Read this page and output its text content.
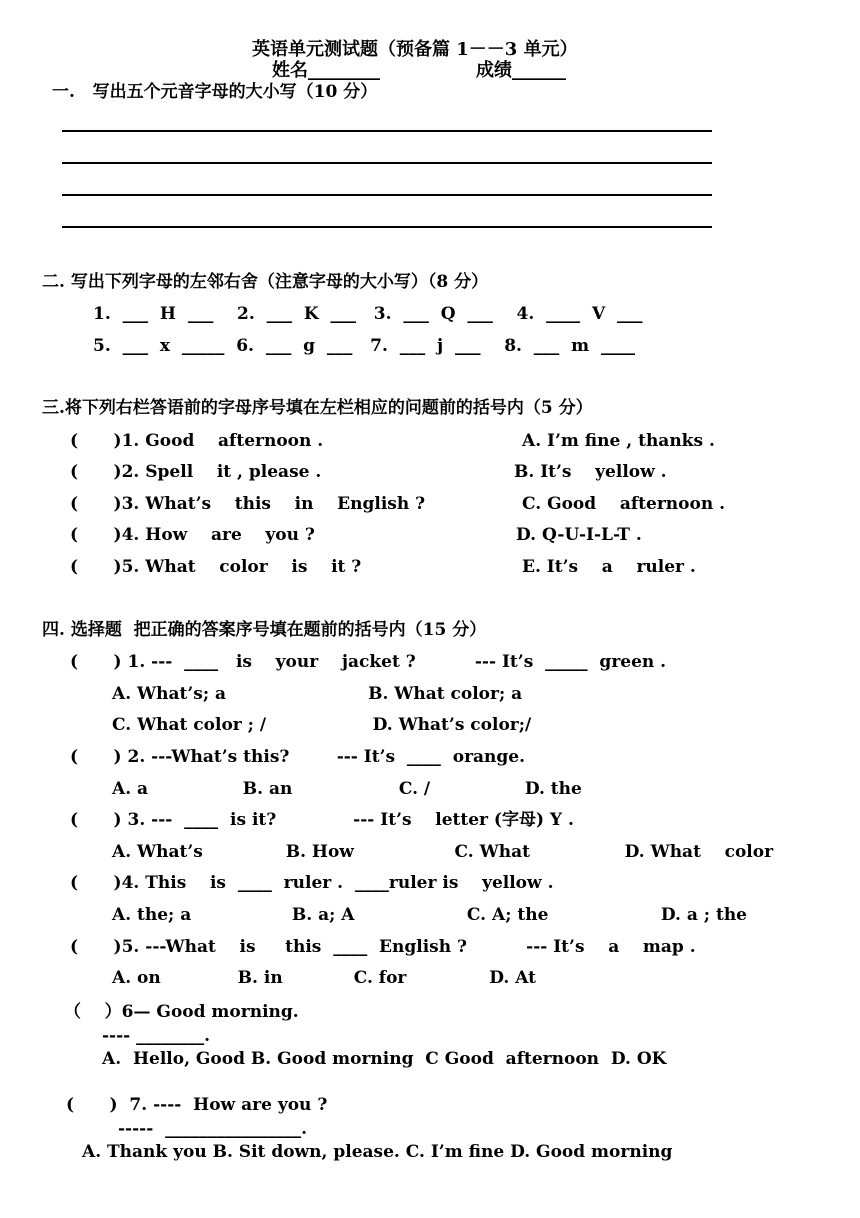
英语单元测试题（预备篇 1－－3 单元）
姓名________	成绩______
一.   写出五个元音字母的大小写（10 分）
二. 写出下列字母的左邻右舍（注意字母的大小写）（8 分）
1.  ___  H  ___    2.  ___  K  ___   3.  ___  Q  ___    4.  ____  V  ___
5.  ___  x  _____  6.  ___  g  ___   7.  ___  j  ___    8.  ___  m  ____
三.将下列右栏答语前的字母序号填在左栏相应的问题前的括号内（5 分）
(      )1. Good    afternoon .
(      )2. Spell    it , please .
(      )3. What’s    this    in    English ?
(      )4. How    are    you ?
(      )5. What    color    is    it ?
A. I’m fine , thanks .
B. It’s    yellow .
C. Good    afternoon .
D. Q-U-I-L-T .
E. It’s    a    ruler .
四. 选择题  把正确的答案序号填在题前的括号内（15 分）
(      ) 1. ---  ____   is    your    jacket ?          --- It’s  _____  green .
A. What’s; a                        B. What color; a
C. What color ; /                  D. What’s color;/
(      ) 2. ---What’s this?        --- It’s  ____  orange.
A. a                B. an                  C. /                D. the
(      ) 3. ---  ____  is it?             --- It’s    letter (字母) Y .
A. What’s              B. How                 C. What                D. What    color
(      )4. This    is  ____  ruler .  ____ruler is    yellow .
A. the; a                 B. a; A                   C. A; the                   D. a ; the
(      )5. ---What    is     this  ____  English ?          --- It’s    a    map .
A. on             B. in            C. for              D. At
（    ）6— Good morning.
---- ________.
A.  Hello, Good B. Good morning  C Good  afternoon  D. OK
(      )  7. ----  How are you ?
-----  ________________.
A. Thank you B. Sit down, please. C. I’m fine D. Good morning
